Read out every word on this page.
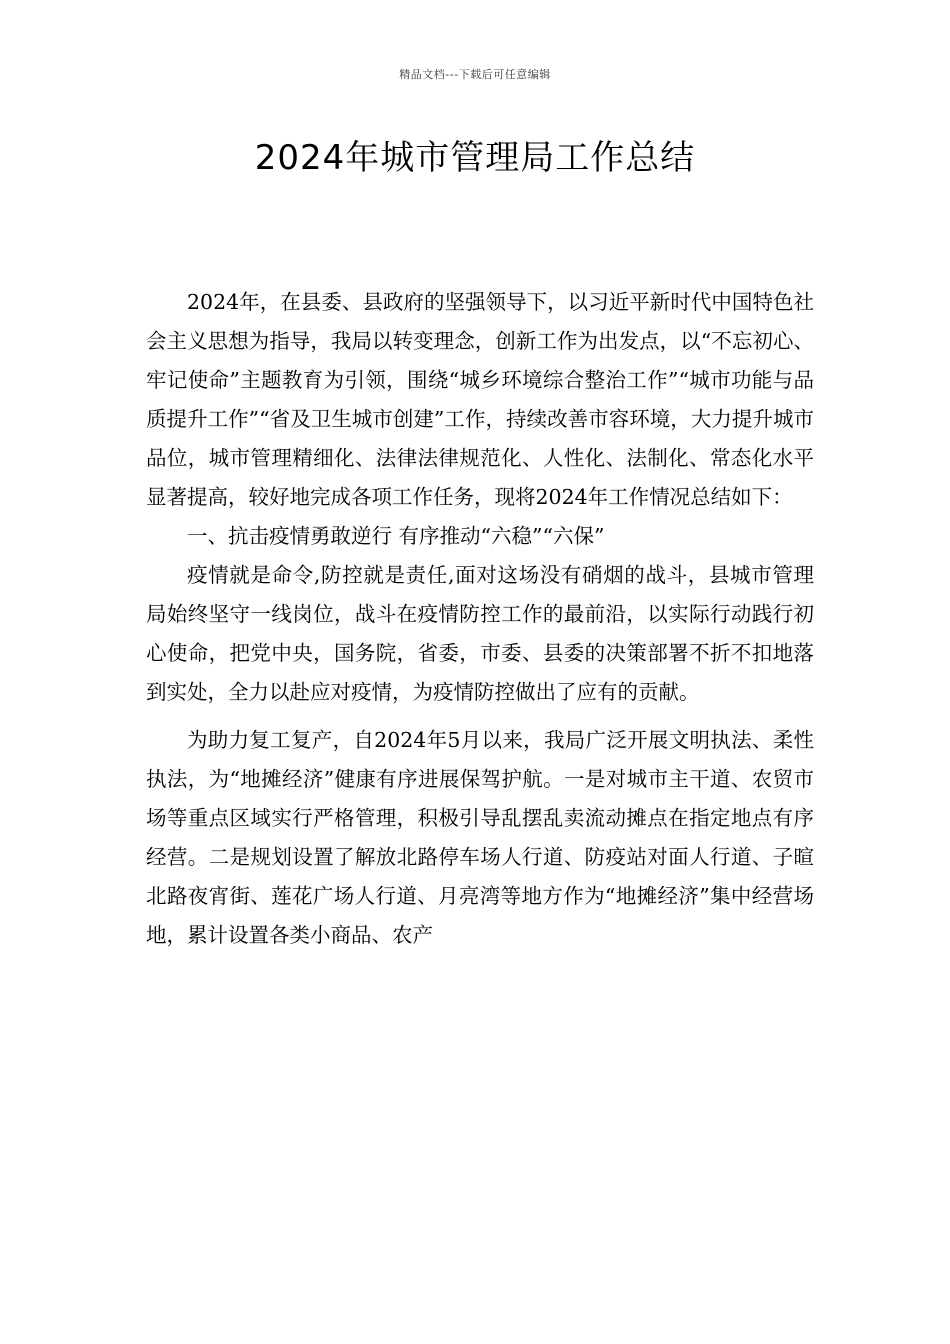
精品文档---下载后可任意编辑
2024年城市管理局工作总结

2024年，在县委、县政府的坚强领导下，以习近平新时代中国特色社会主义思想为指导，我局以转变理念，创新工作为出发点，以“不忘初心、牢记使命”主题教育为引领，围绕“城乡环境综合整治工作”“城市功能与品质提升工作”“省及卫生城市创建”工作，持续改善市容环境，大力提升城市品位，城市管理精细化、法律法律规范化、人性化、法制化、常态化水平显著提高，较好地完成各项工作任务，现将2024年工作情况总结如下：

一、抗击疫情勇敢逆行 有序推动“六稳”“六保”

疫情就是命令,防控就是责任,面对这场没有硝烟的战斗，县城市管理局始终坚守一线岗位，战斗在疫情防控工作的最前沿，以实际行动践行初心使命，把党中央，国务院，省委，市委、县委的决策部署不折不扣地落到实处，全力以赴应对疫情，为疫情防控做出了应有的贡献。

为助力复工复产，自2024年5月以来，我局广泛开展文明执法、柔性执法，为“地摊经济”健康有序进展保驾护航。一是对城市主干道、农贸市场等重点区域实行严格管理，积极引导乱摆乱卖流动摊点在指定地点有序经营。二是规划设置了解放北路停车场人行道、防疫站对面人行道、子暄北路夜宵街、莲花广场人行道、月亮湾等地方作为“地摊经济”集中经营场地，累计设置各类小商品、农产
